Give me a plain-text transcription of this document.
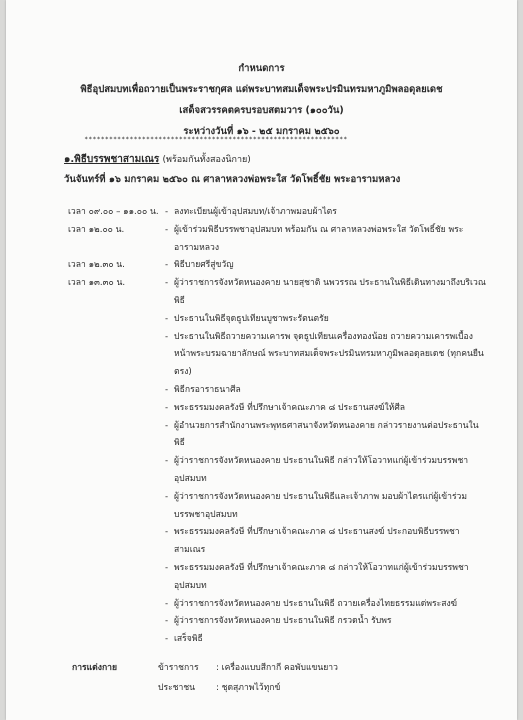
กำหนดการ
พิธีอุปสมบทเพื่อถวายเป็นพระราชกุศล แด่พระบาทสมเด็จพระปรมินทรมหาภูมิพลอดุลยเดช
เสด็จสวรรคตครบรอบสตมวาร (๑๐๐วัน)
ระหว่างวันที่ ๑๖ - ๒๕ มกราคม ๒๕๖๐
****************************************************************
๑.พิธีบรรพชาสามเณร (พร้อมกันทั้งสองนิกาย)
วันจันทร์ที่ ๑๖ มกราคม ๒๕๖๐ ณ ศาลาหลวงพ่อพระใส วัดโพธิ์ชัย พระอารามหลวง
เวลา ๐๙.๐๐ – ๑๑.๐๐ น. - ลงทะเบียนผู้เข้าอุปสมบท/เจ้าภาพมอบผ้าไตร
เวลา ๑๒.๐๐ น.	- ผู้เข้าร่วมพิธีบรรพชาอุปสมบท พร้อมกัน ณ ศาลาหลวงพ่อพระใส วัดโพธิ์ชัย พระอารามหลวง
เวลา ๑๒.๓๐ น.	- พิธีบายศรีสู่ขวัญ
เวลา ๑๓.๓๐ น.	- ผู้ว่าราชการจังหวัดหนองคาย นายสุชาติ นพวรรณ ประธานในพิธีเดินทางมาถึงบริเวณพิธี
- ประธานในพิธีจุดธูปเทียนบูชาพระรัตนตรัย
- ประธานในพิธีถวายความเคารพ จุดธูปเทียนเครื่องทองน้อย ถวายความเคารพเบื้องหน้าพระบรมฉายาลักษณ์ พระบาทสมเด็จพระปรมินทรมหาภูมิพลอดุลยเดช (ทุกคนยืนตรง)
- พิธีกรอาราธนาศีล
- พระธรรมมงคลรังษี ที่ปรึกษาเจ้าคณะภาค ๘ ประธานสงฆ์ให้ศีล
- ผู้อำนวยการสำนักงานพระพุทธศาสนาจังหวัดหนองคาย กล่าวรายงานต่อประธานในพิธี
- ผู้ว่าราชการจังหวัดหนองคาย ประธานในพิธี กล่าวให้โอวาทแก่ผู้เข้าร่วมบรรพชาอุปสมบท
- ผู้ว่าราชการจังหวัดหนองคาย ประธานในพิธีและเจ้าภาพ มอบผ้าไตรแก่ผู้เข้าร่วมบรรพชาอุปสมบท
- พระธรรมมงคลรังษี ที่ปรึกษาเจ้าคณะภาค ๘ ประธานสงฆ์ ประกอบพิธีบรรพชาสามเณร
- พระธรรมมงคลรังษี ที่ปรึกษาเจ้าคณะภาค ๘ กล่าวให้โอวาทแก่ผู้เข้าร่วมบรรพชาอุปสมบท
- ผู้ว่าราชการจังหวัดหนองคาย ประธานในพิธี ถวายเครื่องไทยธรรมแด่พระสงฆ์
- ผู้ว่าราชการจังหวัดหนองคาย ประธานในพิธี กรวดน้ำ รับพร
- เสร็จพิธี
การแต่งกาย	ข้าราชการ	: เครื่องแบบสีกากี คอพับแขนยาว
ประชาชน	: ชุดสุภาพไว้ทุกข์
